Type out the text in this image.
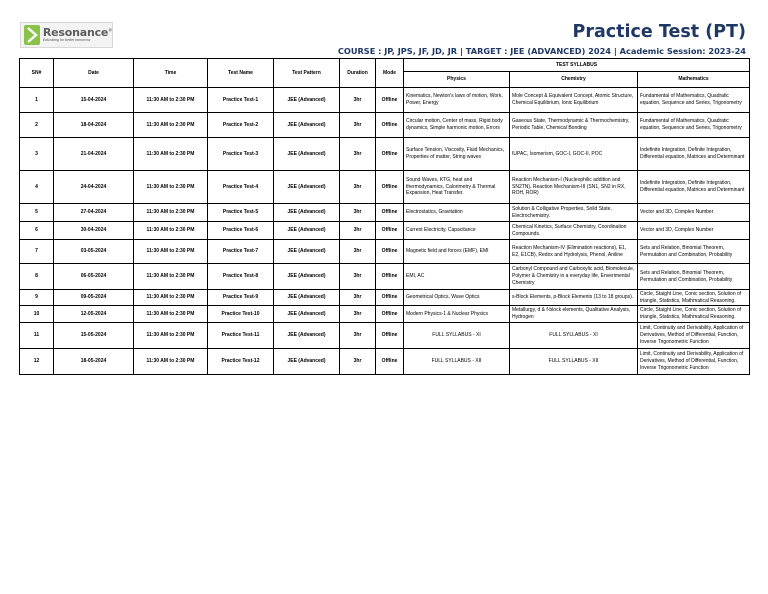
Resonance®
Educating for better tomorrow	Practice Test (PT)
COURSE : JP, JPS, JF, JD, JR | TARGET : JEE (ADVANCED) 2024 | Academic Session: 2023-24
SN#	Date	Time	Test Name	Test Pattern	Duration	Mode	TEST SYLLABUS		
							Physics	Chemistry	Mathematics
1	15-04-2024	11:30 AM to 2:30 PM	Practice Test-1	JEE (Advanced)	3hr	Offline	Kinematics, Newton's laws of motion, Work, Power, Energy	Mole Concept & Equivalent Concept, Atomic Structure, Chemical Equilibrium, Ionic Equilibrium	Fundamental of Mathematics, Quadratic equation, Sequence and Series, Trigonometry
2	18-04-2024	11:30 AM to 2:30 PM	Practice Test-2	JEE (Advanced)	3hr	Offline	Circular motion, Center of mass, Rigid body dynamics, Simple harmonic motion, Errors	Gaseous State, Thermodynamic & Thermochemistry, Periodic Table, Chemical Bonding	Fundamental of Mathematics, Quadratic equation, Sequence and Series, Trigonometry
3	21-04-2024	11:30 AM to 2:30 PM	Practice Test-3	JEE (Advanced)	3hr	Offline	Surface Tension, Viscosity, Fluid Mechanics, Properties of matter, String waves	IUPAC, Isomerism, GOC-I, GOC-II, POC	Indefinite Integration, Definite Integration, Differential equation, Matrices and Determinant
4	24-04-2024	11:30 AM to 2:30 PM	Practice Test-4	JEE (Advanced)	3hr	Offline	Sound Waves, KTG, heat and thermodynamics, Calorimetry & Thermal Expansion, Heat Transfer.	Reaction Mechanism-I (Nucleophilic addition and SN2TN), Reaction Mechanism-III (SN1, SN2 in RX, ROH, ROR)	Indefinite Integration, Definite Integration, Differential equation, Matrices and Determinant
5	27-04-2024	11:30 AM to 2:30 PM	Practice Test-5	JEE (Advanced)	3hr	Offline	Electrostatics, Gravitation	Solution & Colligative Properties, Solid State, Electrochemistry.	Vector and 3D, Complex Number
6	30-04-2024	11:30 AM to 2:30 PM	Practice Test-6	JEE (Advanced)	3hr	Offline	Current Electricity, Capacitance	Chemical Kinetics, Surface Chemistry, Coordination Compounds.	Vector and 3D, Complex Number
7	03-05-2024	11:30 AM to 2:30 PM	Practice Test-7	JEE (Advanced)	3hr	Offline	Magnetic field and forces (EMF), EMI	Reaction Mechanism-IV (Elimination reactions), E1, E2, E1CB), Redox and Hydrolysis, Phenol, Aniline	Sets and Relation, Binomial Theorem, Permutation and Combination, Probability
8	06-05-2024	11:30 AM to 2:30 PM	Practice Test-8	JEE (Advanced)	3hr	Offline	EMI, AC	Carbonyl Compound and Carboxylic acid, Biomolecule, Polymer & Chemistry in a everyday life, Enverimental Chemistry	Sets and Relation, Binomial Theorem, Permutation and Combination, Probability
9	09-05-2024	11:30 AM to 2:30 PM	Practice Test-9	JEE (Advanced)	3hr	Offline	Geometrical Optics, Wave Optics	s-Block Elements, p-Block Elements (13 to 18 groups).	Circle, Staight Line, Conic section, Solution of triangle, Statistics, Mathmatical Reasoning.
10	12-05-2024	11:30 AM to 2:30 PM	Practice Test-10	JEE (Advanced)	3hr	Offline	Modern Physics-1 & Nuclear Physics	Metallurgy, d & f-block elements, Qualitative Analysis, Hydrogen	Circle, Staight Line, Conic section, Solution of triangle, Statistics, Mathmatical Reasoning.
11	15-05-2024	11:30 AM to 2:30 PM	Practice Test-11	JEE (Advanced)	3hr	Offline	FULL SYLLABUS - XI	FULL SYLLABUS - XI	Limit, Continuity and Derivability, Application of Derivatives, Method of Differential, Function, Inverse Trigonometric Function
12	18-05-2024	11:30 AM to 2:30 PM	Practice Test-12	JEE (Advanced)	3hr	Offline	FULL SYLLABUS - XII	FULL SYLLABUS - XII	Limit, Continuity and Derivability, Application of Derivatives, Method of Differential, Function, Inverse Trigonometric Function
